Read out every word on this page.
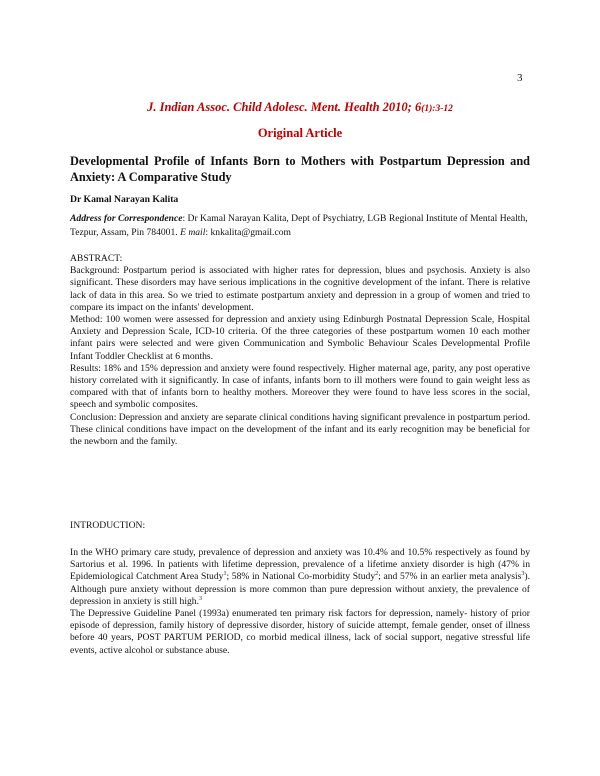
3
J. Indian Assoc. Child Adolesc. Ment. Health 2010; 6(1):3-12
Original Article
Developmental Profile of Infants Born to Mothers with Postpartum Depression and Anxiety: A Comparative Study
Dr Kamal Narayan Kalita
Address for Correspondence: Dr Kamal Narayan Kalita, Dept of Psychiatry, LGB Regional Institute of Mental Health, Tezpur, Assam, Pin 784001. E mail: knkalita@gmail.com

ABSTRACT:

Background: Postpartum period is associated with higher rates for depression, blues and psychosis. Anxiety is also significant. These disorders may have serious implications in the cognitive development of the infant. There is relative lack of data in this area. So we tried to estimate postpartum anxiety and depression in a group of women and tried to compare its impact on the infants' development.

Method: 100 women were assessed for depression and anxiety using Edinburgh Postnatal Depression Scale, Hospital Anxiety and Depression Scale, ICD-10 criteria. Of the three categories of these postpartum women 10 each mother infant pairs were selected and were given Communication and Symbolic Behaviour Scales Developmental Profile Infant Toddler Checklist at 6 months.

Results: 18% and 15% depression and anxiety were found respectively. Higher maternal age, parity, any post operative history correlated with it significantly. In case of infants, infants born to ill mothers were found to gain weight less as compared with that of infants born to healthy mothers. Moreover they were found to have less scores in the social, speech and symbolic composites.

Conclusion: Depression and anxiety are separate clinical conditions having significant prevalence in postpartum period. These clinical conditions have impact on the development of the infant and its early recognition may be beneficial for the newborn and the family.

INTRODUCTION:

In the WHO primary care study, prevalence of depression and anxiety was 10.4% and 10.5% respectively as found by Sartorius et al. 1996. In patients with lifetime depression, prevalence of a lifetime anxiety disorder is high (47% in Epidemiological Catchment Area Study$^1$; 58% in National Co-morbidity Study$^2$; and 57% in an earlier meta analysis$^3$). Although pure anxiety without depression is more common than pure depression without anxiety, the prevalence of depression in anxiety is still high.$^3$

The Depressive Guideline Panel (1993a) enumerated ten primary risk factors for depression, namely- history of prior episode of depression, family history of depressive disorder, history of suicide attempt, female gender, onset of illness before 40 years, POST PARTUM PERIOD, co morbid medical illness, lack of social support, negative stressful life events, active alcohol or substance abuse.
